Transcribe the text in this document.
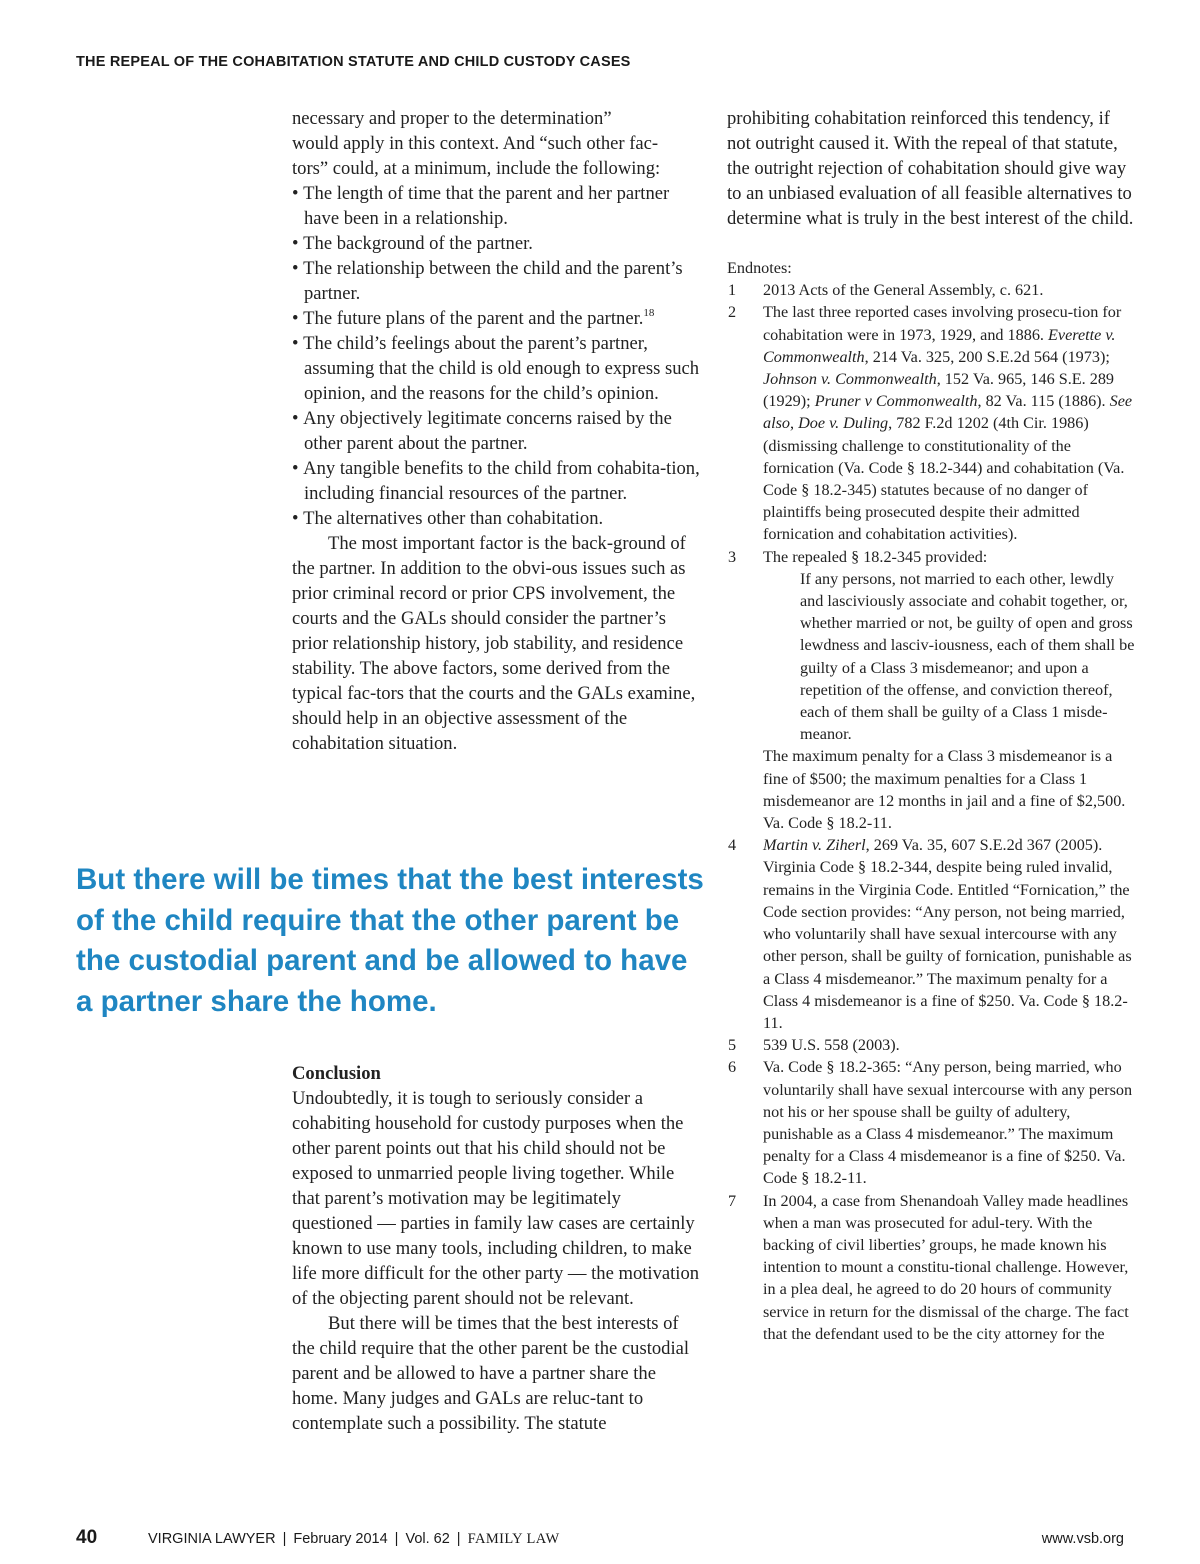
THE REPEAL OF THE COHABITATION STATUTE AND CHILD CUSTODY CASES

necessary and proper to the determination”

would apply in this context. And “such other fac-

tors” could, at a minimum, include the following:

• The length of time that the parent and her partner have been in a relationship.
• The background of the partner.
• The relationship between the child and the parent’s partner.
• The future plans of the parent and the partner.$^{18}$
• The child’s feelings about the parent’s partner, assuming that the child is old enough to express such opinion, and the reasons for the child’s opinion.
• Any objectively legitimate concerns raised by the other parent about the partner.
• Any tangible benefits to the child from cohabita-tion, including financial resources of the partner.
• The alternatives other than cohabitation.

The most important factor is the back-ground of the partner. In addition to the obvi-ous issues such as prior criminal record or prior CPS involvement, the courts and the GALs should consider the partner’s prior relationship history, job stability, and residence stability. The above factors, some derived from the typical fac-tors that the courts and the GALs examine, should help in an objective assessment of the cohabitation situation.

But there will be times that the best interests
of the child require that the other parent be
the custodial parent and be allowed to have
a partner share the home.

Conclusion

Undoubtedly, it is tough to seriously consider a cohabiting household for custody purposes when the other parent points out that his child should not be exposed to unmarried people living together. While that parent’s motivation may be legitimately questioned — parties in family law cases are certainly known to use many tools, including children, to make life more difficult for the other party — the motivation of the objecting parent should not be relevant.

But there will be times that the best interests of the child require that the other parent be the custodial parent and be allowed to have a partner share the home. Many judges and GALs are reluc-tant to contemplate such a possibility. The statute

prohibiting cohabitation reinforced this tendency, if not outright caused it. With the repeal of that statute, the outright rejection of cohabitation should give way to an unbiased evaluation of all feasible alternatives to determine what is truly in the best interest of the child.

Endnotes:

1 2013 Acts of the General Assembly, c. 621.
2 The last three reported cases involving prosecu-tion for cohabitation were in 1973, 1929, and 1886. Everette v. Commonwealth, 214 Va. 325, 200 S.E.2d 564 (1973); Johnson v. Commonwealth, 152 Va. 965, 146 S.E. 289 (1929); Pruner v Commonwealth, 82 Va. 115 (1886). See also, Doe v. Duling, 782 F.2d 1202 (4th Cir. 1986) (dismissing challenge to constitutionality of the fornication (Va. Code § 18.2-344) and cohabitation (Va. Code § 18.2-345) statutes because of no danger of plaintiffs being prosecuted despite their admitted fornication and cohabitation activities).
3 The repealed § 18.2-345 provided:
If any persons, not married to each other, lewdly and lasciviously associate and cohabit together, or, whether married or not, be guilty of open and gross lewdness and lasciv-iousness, each of them shall be guilty of a Class 3 misdemeanor; and upon a repetition of the offense, and conviction thereof, each of them shall be guilty of a Class 1 misde-meanor.
The maximum penalty for a Class 3 misdemeanor is a fine of $500; the maximum penalties for a Class 1 misdemeanor are 12 months in jail and a fine of $2,500. Va. Code § 18.2-11.
4 Martin v. Ziherl, 269 Va. 35, 607 S.E.2d 367 (2005). Virginia Code § 18.2-344, despite being ruled invalid, remains in the Virginia Code. Entitled “Fornication,” the Code section provides: “Any person, not being married, who voluntarily shall have sexual intercourse with any other person, shall be guilty of fornication, punishable as a Class 4 misdemeanor.” The maximum penalty for a Class 4 misdemeanor is a fine of $250. Va. Code § 18.2-11.
5 539 U.S. 558 (2003).
6 Va. Code § 18.2-365: “Any person, being married, who voluntarily shall have sexual intercourse with any person not his or her spouse shall be guilty of adultery, punishable as a Class 4 misdemeanor.” The maximum penalty for a Class 4 misdemeanor is a fine of $250. Va. Code § 18.2-11.
7 In 2004, a case from Shenandoah Valley made headlines when a man was prosecuted for adul-tery. With the backing of civil liberties’ groups, he made known his intention to mount a constitu-tional challenge. However, in a plea deal, he agreed to do 20 hours of community service in return for the dismissal of the charge. The fact that the defendant used to be the city attorney for the
40	VIRGINIA LAWYER | February 2014 | Vol. 62 | FAMILY LAW	www.vsb.org
